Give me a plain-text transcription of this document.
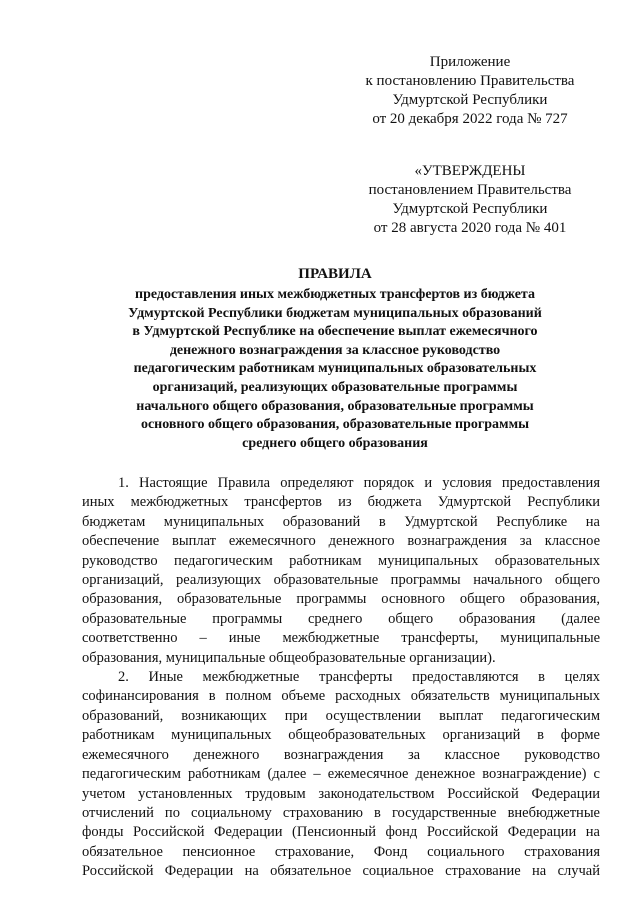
Приложение
к постановлению Правительства
Удмуртской Республики
от 20 декабря 2022 года № 727
«УТВЕРЖДЕНЫ
постановлением Правительства
Удмуртской Республики
от 28 августа 2020 года № 401
ПРАВИЛА
предоставления иных межбюджетных трансфертов из бюджета
Удмуртской Республики бюджетам муниципальных образований
в Удмуртской Республике на обеспечение выплат ежемесячного
денежного вознаграждения за классное руководство
педагогическим работникам муниципальных образовательных
организаций, реализующих образовательные программы
начального общего образования, образовательные программы
основного общего образования, образовательные программы
среднего общего образования
1. Настоящие Правила определяют порядок и условия предоставления
иных межбюджетных трансфертов из бюджета Удмуртской Республики
бюджетам муниципальных образований в Удмуртской Республике на
обеспечение выплат ежемесячного денежного вознаграждения за классное
руководство педагогическим работникам муниципальных образовательных
организаций, реализующих образовательные программы начального общего
образования, образовательные программы основного общего образования,
образовательные программы среднего общего образования (далее
соответственно – иные межбюджетные трансферты, муниципальные
образования, муниципальные общеобразовательные организации).
2. Иные межбюджетные трансферты предоставляются в целях
софинансирования в полном объеме расходных обязательств муниципальных
образований, возникающих при осуществлении выплат педагогическим
работникам муниципальных общеобразовательных организаций в форме
ежемесячного денежного вознаграждения за классное руководство
педагогическим работникам (далее – ежемесячное денежное вознаграждение) с
учетом установленных трудовым законодательством Российской Федерации
отчислений по социальному страхованию в государственные внебюджетные
фонды Российской Федерации (Пенсионный фонд Российской Федерации на
обязательное пенсионное страхование, Фонд социального страхования
Российской Федерации на обязательное социальное страхование на случай
